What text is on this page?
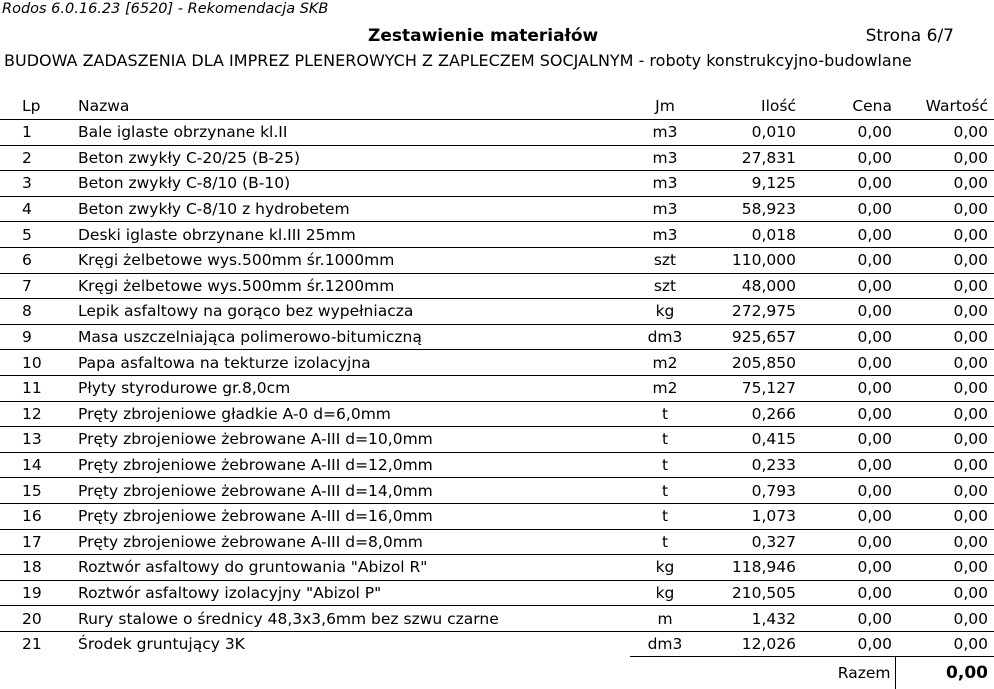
Rodos 6.0.16.23 [6520] - Rekomendacja SKB
Zestawienie materiałów	Strona 6/7
BUDOWA ZADASZENIA DLA IMPREZ PLENEROWYCH Z ZAPLECZEM SOCJALNYM - roboty konstrukcyjno-budowlane
Lp	Nazwa	Jm	Ilość	Cena	Wartość
1	Bale iglaste obrzynane kl.II	m3	0,010	0,00	0,00
2	Beton zwykły C-20/25 (B-25)	m3	27,831	0,00	0,00
3	Beton zwykły C-8/10 (B-10)	m3	9,125	0,00	0,00
4	Beton zwykły C-8/10 z hydrobetem	m3	58,923	0,00	0,00
5	Deski iglaste obrzynane kl.III 25mm	m3	0,018	0,00	0,00
6	Kręgi żelbetowe wys.500mm śr.1000mm	szt	110,000	0,00	0,00
7	Kręgi żelbetowe wys.500mm śr.1200mm	szt	48,000	0,00	0,00
8	Lepik asfaltowy na gorąco bez wypełniacza	kg	272,975	0,00	0,00
9	Masa uszczelniająca polimerowo-bitumiczną	dm3	925,657	0,00	0,00
10	Papa asfaltowa na tekturze izolacyjna	m2	205,850	0,00	0,00
11	Płyty styrodurowe gr.8,0cm	m2	75,127	0,00	0,00
12	Pręty zbrojeniowe gładkie A-0 d=6,0mm	t	0,266	0,00	0,00
13	Pręty zbrojeniowe żebrowane A-III d=10,0mm	t	0,415	0,00	0,00
14	Pręty zbrojeniowe żebrowane A-III d=12,0mm	t	0,233	0,00	0,00
15	Pręty zbrojeniowe żebrowane A-III d=14,0mm	t	0,793	0,00	0,00
16	Pręty zbrojeniowe żebrowane A-III d=16,0mm	t	1,073	0,00	0,00
17	Pręty zbrojeniowe żebrowane A-III d=8,0mm	t	0,327	0,00	0,00
18	Roztwór asfaltowy do gruntowania "Abizol R"	kg	118,946	0,00	0,00
19	Roztwór asfaltowy izolacyjny "Abizol P"	kg	210,505	0,00	0,00
20	Rury stalowe o średnicy 48,3x3,6mm bez szwu czarne	m	1,432	0,00	0,00
21	Środek gruntujący 3K	dm3	12,026	0,00	0,00
		Razem			0,00
